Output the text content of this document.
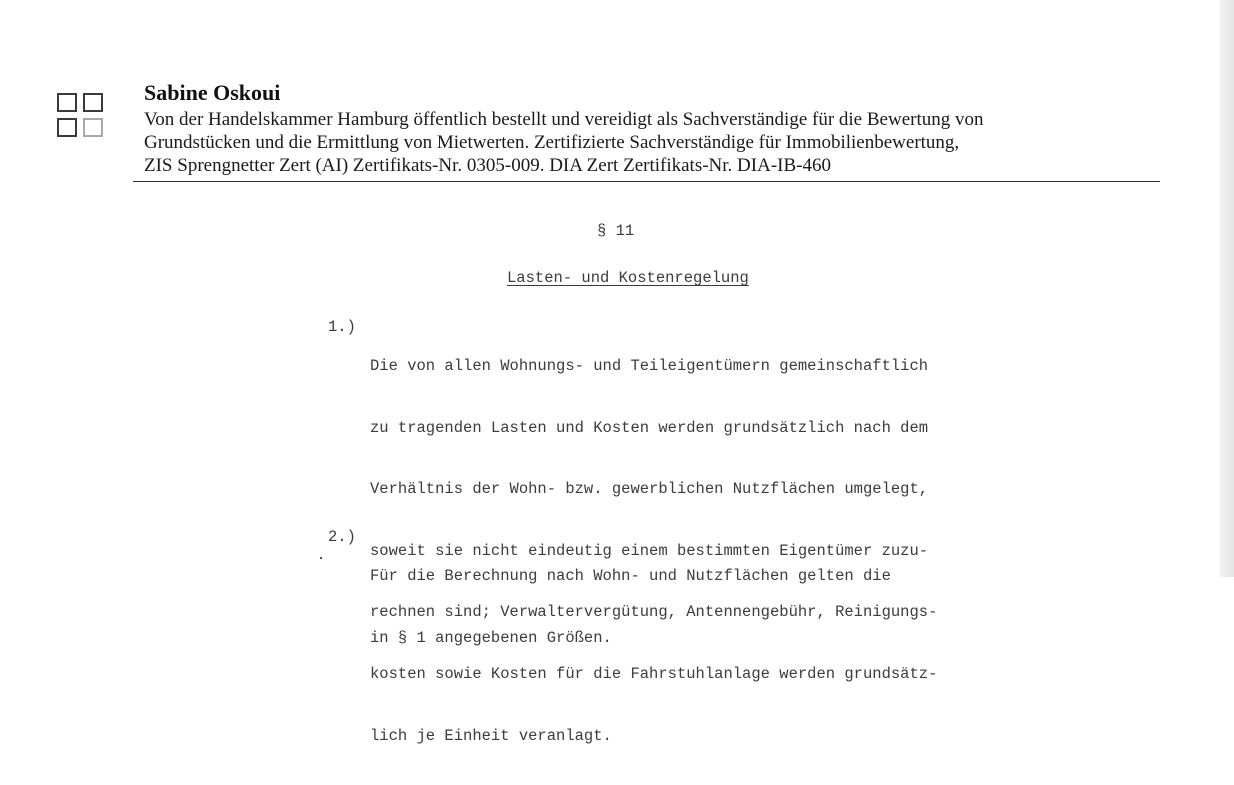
Sabine Oskoui
Von der Handelskammer Hamburg öffentlich bestellt und vereidigt als Sachverständige für die Bewertung von
Grundstücken und die Ermittlung von Mietwerten. Zertifizierte Sachverständige für Immobilienbewertung,
ZIS Sprengnetter Zert (AI) Zertifikats-Nr. 0305-009. DIA Zert Zertifikats-Nr. DIA-IB-460
§ 11
Lasten- und Kostenregelung

1.)

Die von allen Wohnungs- und Teileigentümern gemeinschaftlich

zu tragenden Lasten und Kosten werden grundsätzlich nach dem

Verhältnis der Wohn- bzw. gewerblichen Nutzflächen umgelegt,

soweit sie nicht eindeutig einem bestimmten Eigentümer zuzu-

rechnen sind; Verwaltervergütung, Antennengebühr, Reinigungs-

kosten sowie Kosten für die Fahrstuhlanlage werden grundsätz-

lich je Einheit veranlagt.

2.)

Für die Berechnung nach Wohn- und Nutzflächen gelten die

in § 1 angegebenen Größen.
